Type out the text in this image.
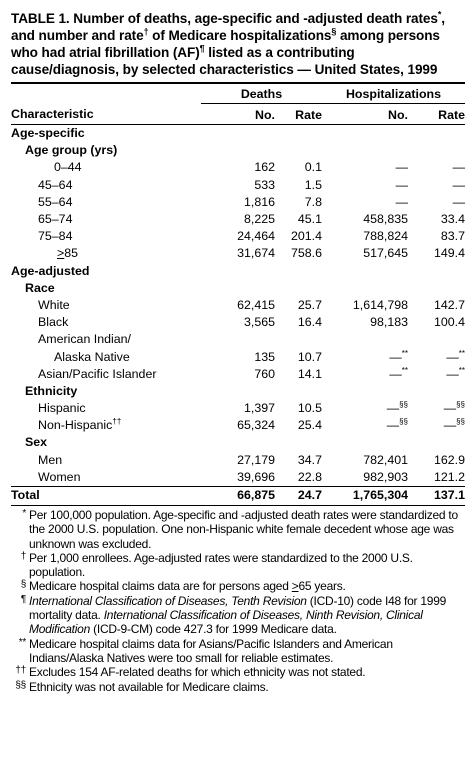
TABLE 1. Number of deaths, age-specific and -adjusted death rates*, and number and rate† of Medicare hospitalizations§ among persons who had atrial fibrillation (AF)¶ listed as a contributing cause/diagnosis, by selected characteristics — United States, 1999

	Deaths		Hospitalizations	
Characteristic	No.	Rate	No.	Rate
Age-specific				
Age group (yrs)				
0–44	162	0.1	—	—
45–64	533	1.5	—	—
55–64	1,816	7.8	—	—
65–74	8,225	45.1	458,835	33.4
75–84	24,464	201.4	788,824	83.7
≥85	31,674	758.6	517,645	149.4
Age-adjusted				
Race				
White	62,415	25.7	1,614,798	142.7
Black	3,565	16.4	98,183	100.4
American Indian/				
Alaska Native	135	10.7	—**	—**
Asian/Pacific Islander	760	14.1	—**	—**
Ethnicity				
Hispanic	1,397	10.5	—§§	—§§
Non-Hispanic††	65,324	25.4	—§§	—§§
Sex				
Men	27,179	34.7	782,401	162.9
Women	39,696	22.8	982,903	121.2
Total	66,875	24.7	1,765,304	137.1
* Per 100,000 population. Age-specific and -adjusted death rates were standardized to the 2000 U.S. population. One non-Hispanic white female decedent whose age was unknown was excluded.
† Per 1,000 enrollees. Age-adjusted rates were standardized to the 2000 U.S. population.
§ Medicare hospital claims data are for persons aged ≥65 years.
¶ International Classification of Diseases, Tenth Revision (ICD-10) code I48 for 1999 mortality data. International Classification of Diseases, Ninth Revision, Clinical Modification (ICD-9-CM) code 427.3 for 1999 Medicare data.
** Medicare hospital claims data for Asians/Pacific Islanders and American Indians/Alaska Natives were too small for reliable estimates.
†† Excludes 154 AF-related deaths for which ethnicity was not stated.
§§ Ethnicity was not available for Medicare claims.
